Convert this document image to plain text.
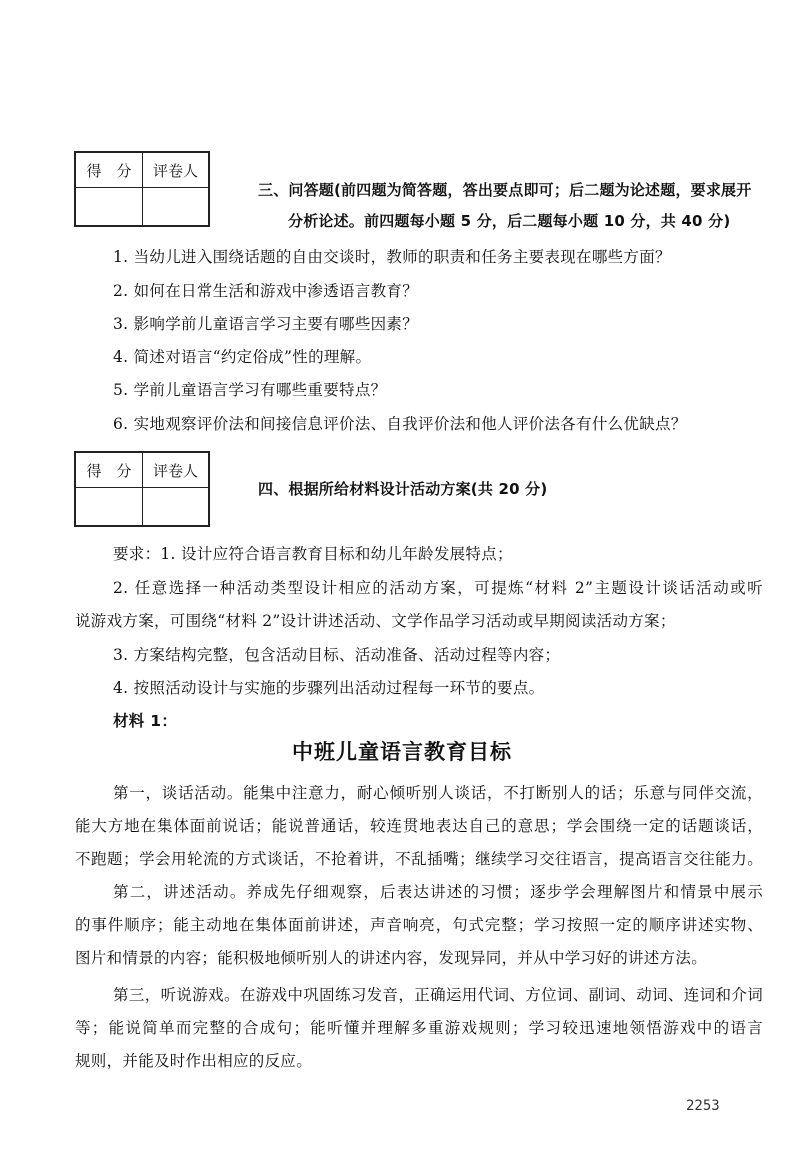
得　分	评卷人

三、问答题(前四题为简答题，答出要点即可；后二题为论述题，要求展开
分析论述。前四题每小题 5 分，后二题每小题 10 分，共 40 分)
1. 当幼儿进入围绕话题的自由交谈时，教师的职责和任务主要表现在哪些方面？
2. 如何在日常生活和游戏中渗透语言教育？
3. 影响学前儿童语言学习主要有哪些因素？
4. 简述对语言“约定俗成”性的理解。
5. 学前儿童语言学习有哪些重要特点？
6. 实地观察评价法和间接信息评价法、自我评价法和他人评价法各有什么优缺点？
得　分	评卷人

四、根据所给材料设计活动方案(共 20 分)
要求：1. 设计应符合语言教育目标和幼儿年龄发展特点；
2. 任意选择一种活动类型设计相应的活动方案，可提炼“材料 2”主题设计谈话活动或听
说游戏方案，可围绕“材料 2”设计讲述活动、文学作品学习活动或早期阅读活动方案；
3. 方案结构完整，包含活动目标、活动准备、活动过程等内容；
4. 按照活动设计与实施的步骤列出活动过程每一环节的要点。
材料 1：
中班儿童语言教育目标
第一，谈话活动。能集中注意力，耐心倾听别人谈话，不打断别人的话；乐意与同伴交流，
能大方地在集体面前说话；能说普通话，较连贯地表达自己的意思；学会围绕一定的话题谈话，
不跑题；学会用轮流的方式谈话，不抢着讲，不乱插嘴；继续学习交往语言，提高语言交往能力。
第二，讲述活动。养成先仔细观察，后表达讲述的习惯；逐步学会理解图片和情景中展示
的事件顺序；能主动地在集体面前讲述，声音响亮，句式完整；学习按照一定的顺序讲述实物、
图片和情景的内容；能积极地倾听别人的讲述内容，发现异同，并从中学习好的讲述方法。
第三，听说游戏。在游戏中巩固练习发音，正确运用代词、方位词、副词、动词、连词和介词
等；能说简单而完整的合成句；能听懂并理解多重游戏规则；学习较迅速地领悟游戏中的语言
规则，并能及时作出相应的反应。
2253
